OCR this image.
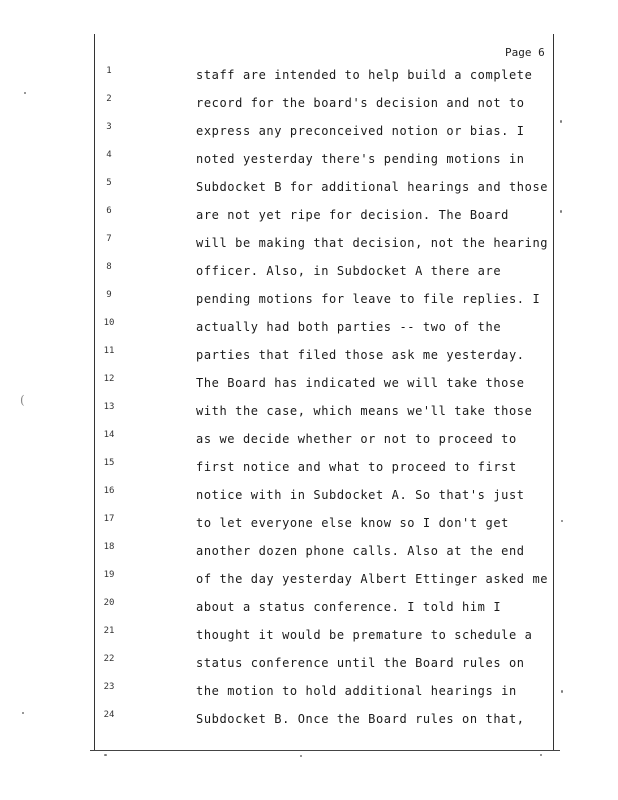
Page 6
1	staff are intended to help build a complete
2	record for the board's decision and not to
3	express any preconceived notion or bias. I
4	noted yesterday there's pending motions in
5	Subdocket B for additional hearings and those
6	are not yet ripe for decision. The Board
7	will be making that decision, not the hearing
8	officer. Also, in Subdocket A there are
9	pending motions for leave to file replies. I
10	actually had both parties -- two of the
11	parties that filed those ask me yesterday.
12	The Board has indicated we will take those
13	with the case, which means we'll take those
14	as we decide whether or not to proceed to
15	first notice and what to proceed to first
16	notice with in Subdocket A. So that's just
17	to let everyone else know so I don't get
18	another dozen phone calls. Also at the end
19	of the day yesterday Albert Ettinger asked me
20	about a status conference. I told him I
21	thought it would be premature to schedule a
22	status conference until the Board rules on
23	the motion to hold additional hearings in
24	Subdocket B. Once the Board rules on that,
(
